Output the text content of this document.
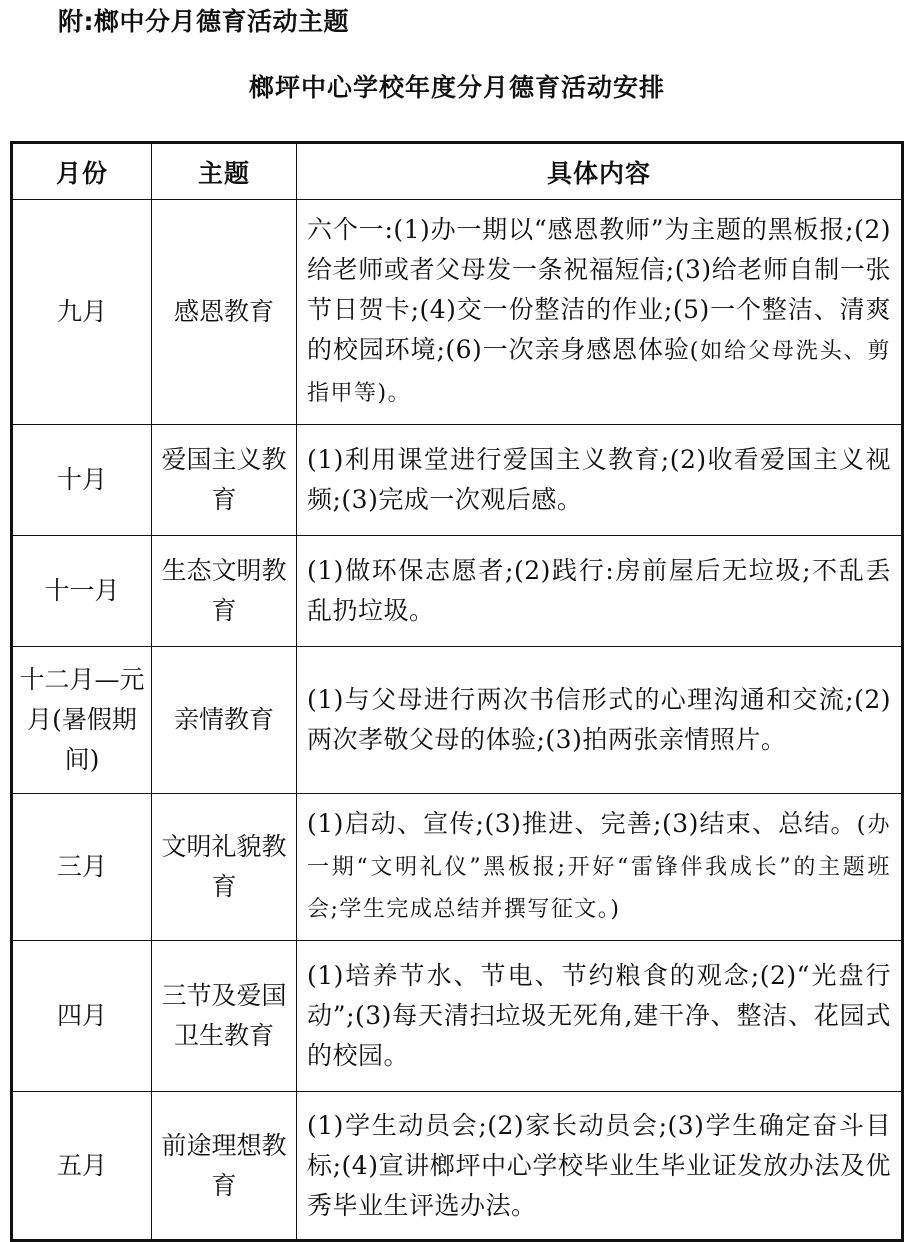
附:榔中分月德育活动主题
榔坪中心学校年度分月德育活动安排
月份	主题	具体内容
九月	感恩教育	六个一:(1)办一期以“感恩教师”为主题的黑板报;(2)给老师或者父母发一条祝福短信;(3)给老师自制一张节日贺卡;(4)交一份整洁的作业;(5)一个整洁、清爽的校园环境;(6)一次亲身感恩体验(如给父母洗头、剪指甲等)。
十月	爱国主义教育	(1)利用课堂进行爱国主义教育;(2)收看爱国主义视频;(3)完成一次观后感。
十一月	生态文明教育	(1)做环保志愿者;(2)践行:房前屋后无垃圾;不乱丢乱扔垃圾。
十二月—元月(暑假期间)	亲情教育	(1)与父母进行两次书信形式的心理沟通和交流;(2)两次孝敬父母的体验;(3)拍两张亲情照片。
三月	文明礼貌教育	(1)启动、宣传;(3)推进、完善;(3)结束、总结。(办一期“文明礼仪”黑板报;开好“雷锋伴我成长”的主题班会;学生完成总结并撰写征文。)
四月	三节及爱国卫生教育	(1)培养节水、节电、节约粮食的观念;(2)“光盘行动”;(3)每天清扫垃圾无死角,建干净、整洁、花园式的校园。
五月	前途理想教育	(1)学生动员会;(2)家长动员会;(3)学生确定奋斗目标;(4)宣讲榔坪中心学校毕业生毕业证发放办法及优秀毕业生评选办法。
